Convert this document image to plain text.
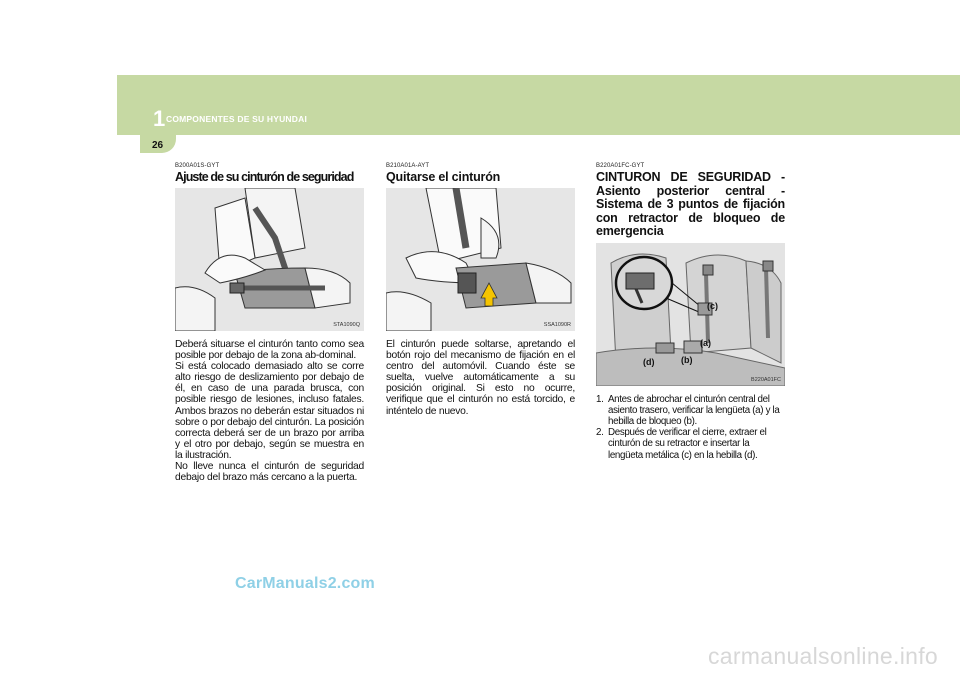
1 COMPONENTES DE SU HYUNDAI
26
B200A01S-GYT
Ajuste de su cinturón de seguridad
STA1090Q

Deberá situarse el cinturón tanto como sea posible por debajo de la zona ab-dominal.

Si está colocado demasiado alto se corre alto riesgo de deslizamiento por debajo de él, en caso de una parada brusca, con posible riesgo de lesiones, incluso fatales. Ambos brazos no deberán estar situados ni sobre o por debajo del cinturón. La posición correcta deberá ser de un brazo por arriba y el otro por debajo, según se muestra en la ilustración.

No lleve nunca el cinturón de seguridad debajo del brazo más cercano a la puerta.

B210A01A-AYT
Quitarse el cinturón
SSA1090R

El cinturón puede soltarse, apretando el botón rojo del mecanismo de fijación en el centro del automóvil. Cuando éste se suelta, vuelve automáticamente a su posición original. Si esto no ocurre, verifique que el cinturón no está torcido, e inténtelo de nuevo.

B220A01FC-GYT
CINTURON DE SEGURIDAD - Asiento posterior central - Sistema de 3 puntos de fijación con retractor de bloqueo de emergencia
(c)
(a)
(b)
(d)
B220A01FC
1. Antes de abrochar el cinturón central del asiento trasero, verificar la lengüeta (a) y la hebilla de bloqueo (b).
2. Después de verificar el cierre, extraer el cinturón de su retractor e insertar la lengüeta metálica (c) en la hebilla (d).
CarManuals2.com
carmanualsonline.info
